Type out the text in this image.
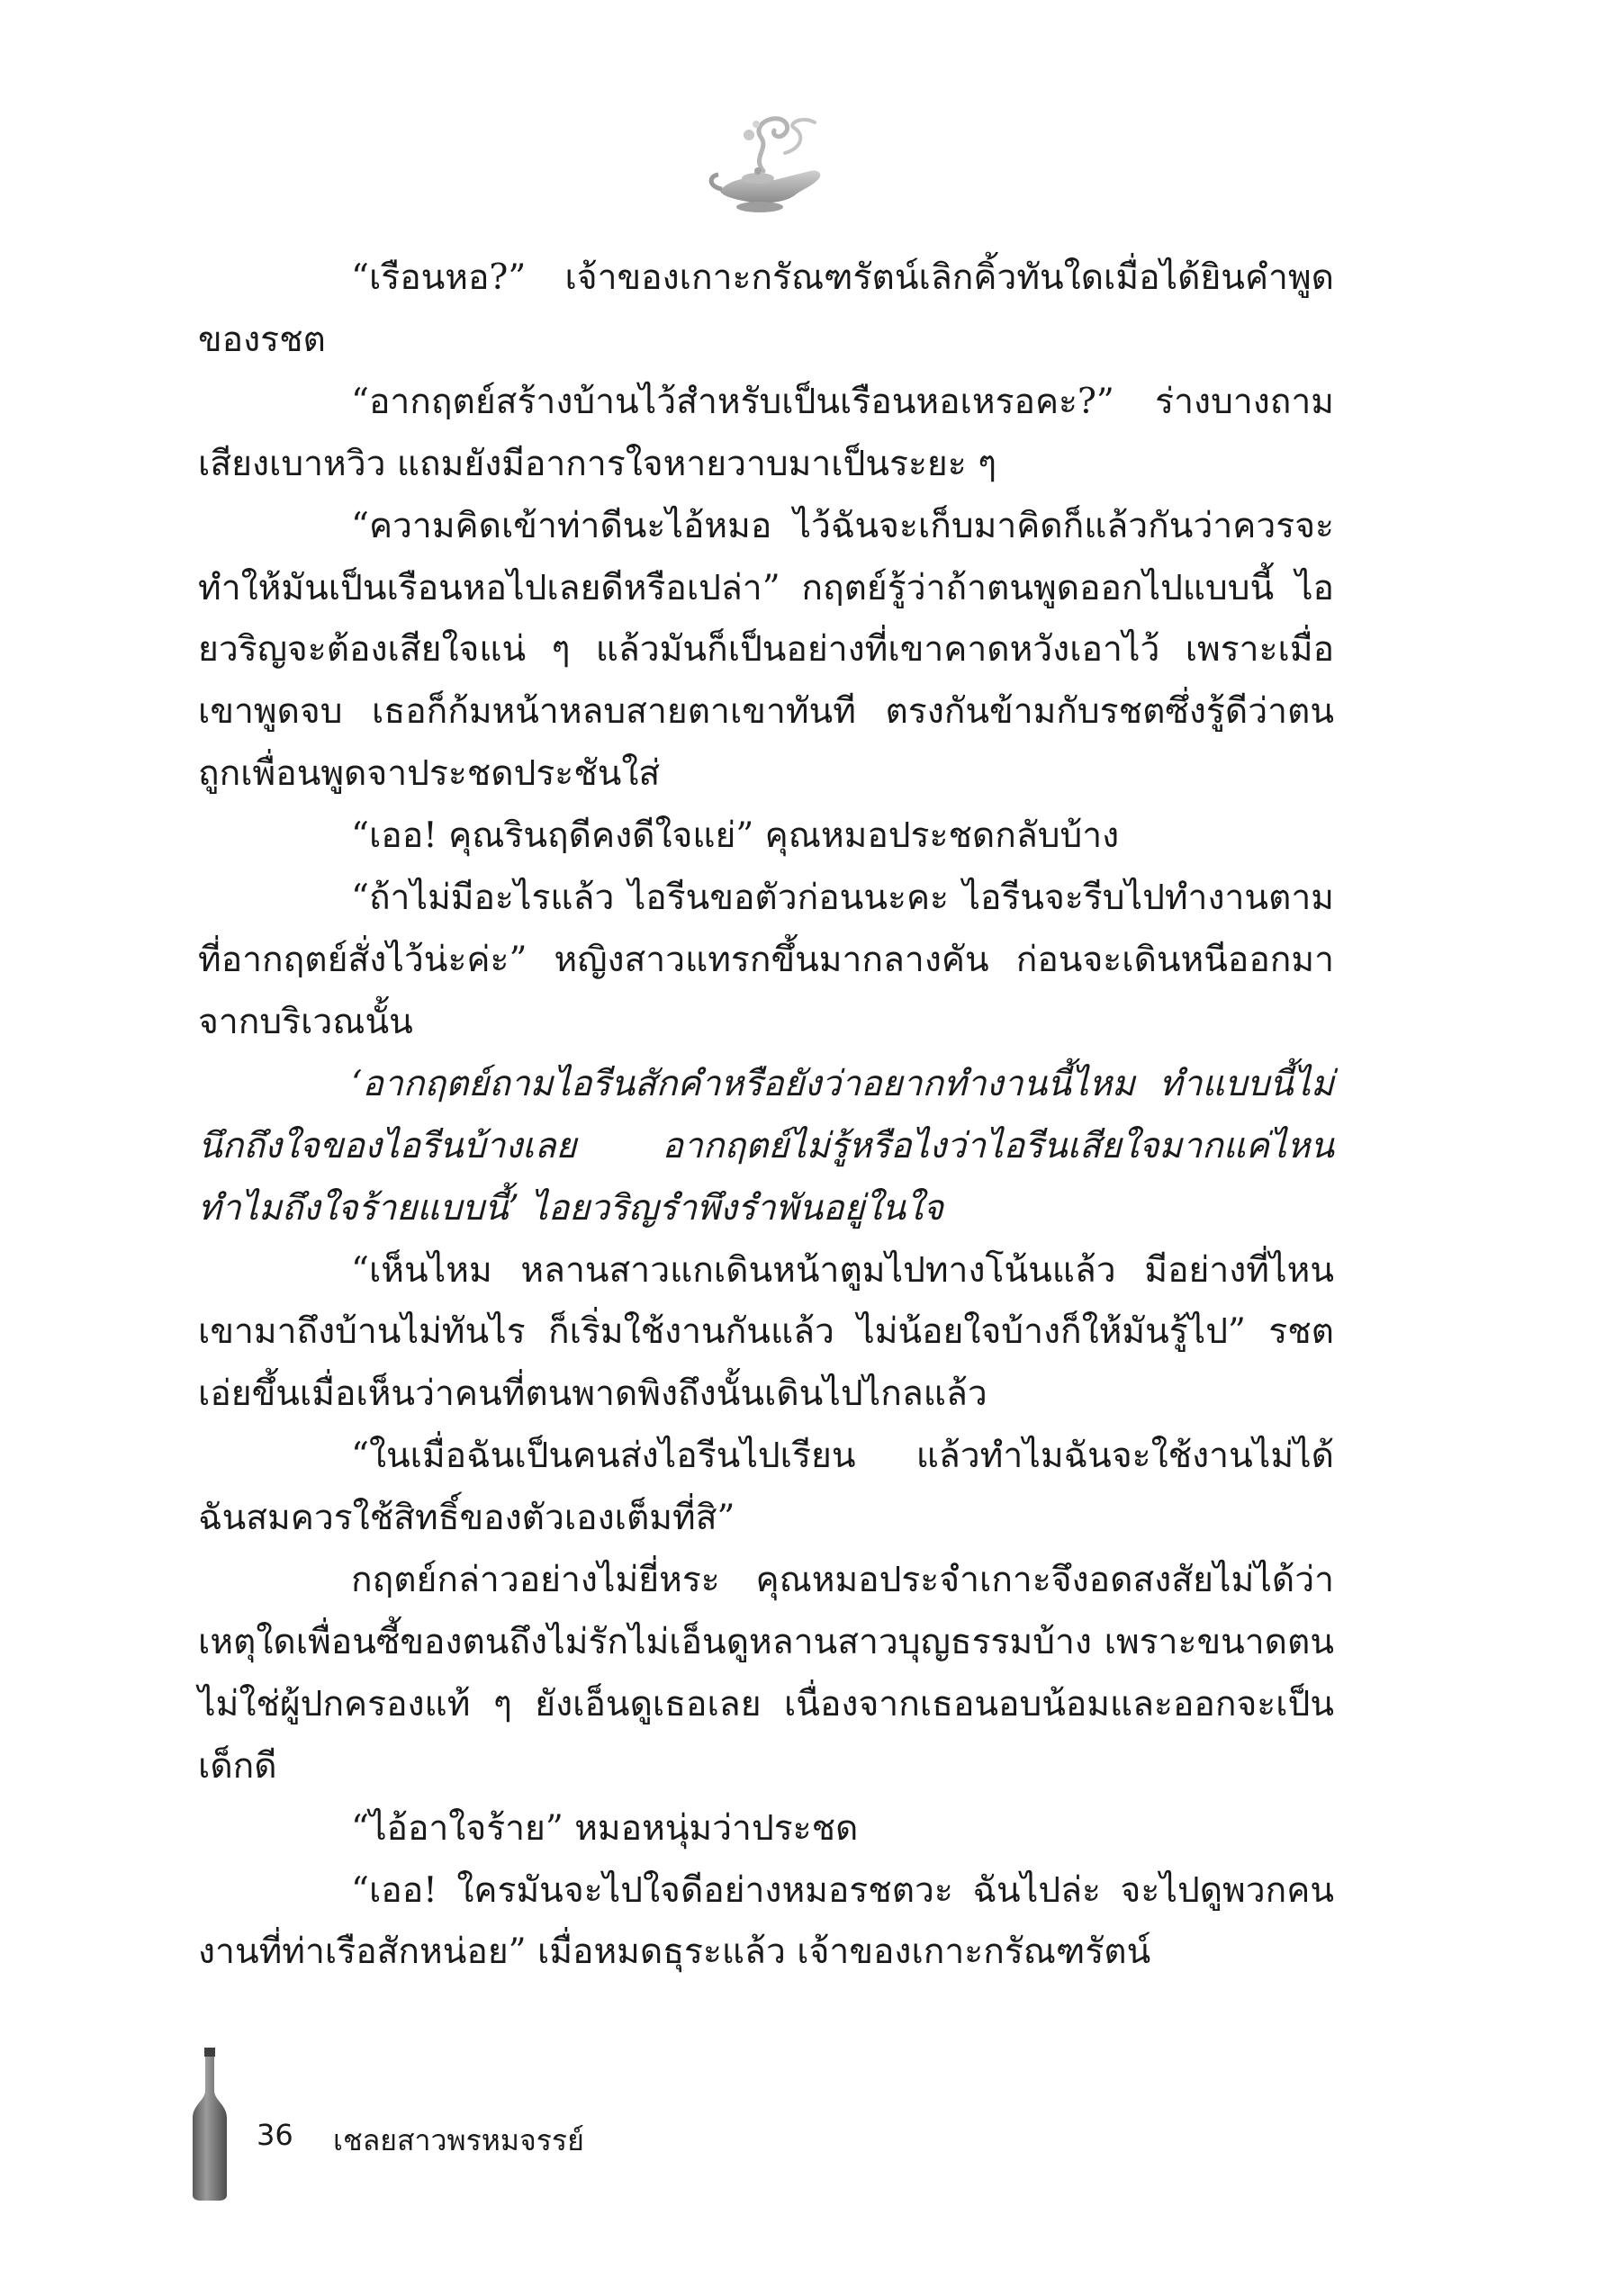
“เรือนหอ?” เจ้าของเกาะกรัณฑรัตน์เลิกคิ้วทันใดเมื่อได้ยินคำพูดของรชต

“อากฤตย์สร้างบ้านไว้สำหรับเป็นเรือนหอเหรอคะ?” ร่างบางถามเสียงเบาหวิว แถมยังมีอาการใจหายวาบมาเป็นระยะ ๆ

“ความคิดเข้าท่าดีนะไอ้หมอ ไว้ฉันจะเก็บมาคิดก็แล้วกันว่าควรจะทำให้มันเป็นเรือนหอไปเลยดีหรือเปล่า” กฤตย์รู้ว่าถ้าตนพูดออกไปแบบนี้ ไอยวริญจะต้องเสียใจแน่ ๆ แล้วมันก็เป็นอย่างที่เขาคาดหวังเอาไว้ เพราะเมื่อเขาพูดจบ เธอก็ก้มหน้าหลบสายตาเขาทันที ตรงกันข้ามกับรชตซึ่งรู้ดีว่าตนถูกเพื่อนพูดจาประชดประชันใส่

“เออ! คุณรินฤดีคงดีใจแย่” คุณหมอประชดกลับบ้าง

“ถ้าไม่มีอะไรแล้ว ไอรีนขอตัวก่อนนะคะ ไอรีนจะรีบไปทำงานตามที่อากฤตย์สั่งไว้น่ะค่ะ” หญิงสาวแทรกขึ้นมากลางคัน ก่อนจะเดินหนีออกมาจากบริเวณนั้น

‘อากฤตย์ถามไอรีนสักคำหรือยังว่าอยากทำงานนี้ไหม ทำแบบนี้ไม่นึกถึงใจของไอรีนบ้างเลย อากฤตย์ไม่รู้หรือไงว่าไอรีนเสียใจมากแค่ไหน ทำไมถึงใจร้ายแบบนี้’ ไอยวริญรำพึงรำพันอยู่ในใจ

“เห็นไหม หลานสาวแกเดินหน้าตูมไปทางโน้นแล้ว มีอย่างที่ไหน เขามาถึงบ้านไม่ทันไร ก็เริ่มใช้งานกันแล้ว ไม่น้อยใจบ้างก็ให้มันรู้ไป” รชตเอ่ยขึ้นเมื่อเห็นว่าคนที่ตนพาดพิงถึงนั้นเดินไปไกลแล้ว

“ในเมื่อฉันเป็นคนส่งไอรีนไปเรียน แล้วทำไมฉันจะใช้งานไม่ได้ ฉันสมควรใช้สิทธิ์ของตัวเองเต็มที่สิ”

กฤตย์กล่าวอย่างไม่ยี่หระ คุณหมอประจำเกาะจึงอดสงสัยไม่ได้ว่าเหตุใดเพื่อนซี้ของตนถึงไม่รักไม่เอ็นดูหลานสาวบุญธรรมบ้าง เพราะขนาดตนไม่ใช่ผู้ปกครองแท้ ๆ ยังเอ็นดูเธอเลย เนื่องจากเธอนอบน้อมและออกจะเป็นเด็กดี

“ไอ้อาใจร้าย” หมอหนุ่มว่าประชด

“เออ! ใครมันจะไปใจดีอย่างหมอรชตวะ ฉันไปล่ะ จะไปดูพวกคนงานที่ท่าเรือสักหน่อย” เมื่อหมดธุระแล้ว เจ้าของเกาะกรัณฑรัตน์

36 เชลยสาวพรหมจรรย์
